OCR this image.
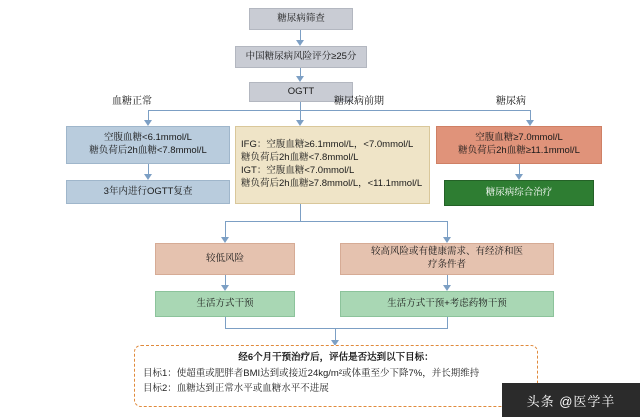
糖尿病筛查
中国糖尿病风险评分≥25分
OGTT
血糖正常	糖尿病前期	糖尿病
空腹血糖<6.1mmol/L
糖负荷后2h血糖<7.8mmol/L
3年内进行OGTT复查
IFG：空腹血糖≥6.1mmol/L，<7.0mmol/L
糖负荷后2h血糖<7.8mmol/L
IGT：空腹血糖<7.0mmol/L
糖负荷后2h血糖≥7.8mmol/L，<11.1mmol/L
空腹血糖≥7.0mmol/L
糖负荷后2h血糖≥11.1mmol/L
糖尿病综合治疗
较低风险
较高风险或有健康需求、有经济和医
疗条件者
生活方式干预	生活方式干预+考虑药物干预
经6个月干预治疗后，评估是否达到以下目标：
目标1：使超重或肥胖者BMI达到或接近24kg/m²或体重至少下降7%，并长期维持
目标2：血糖达到正常水平或血糖水平不进展
头条 @医学羊
